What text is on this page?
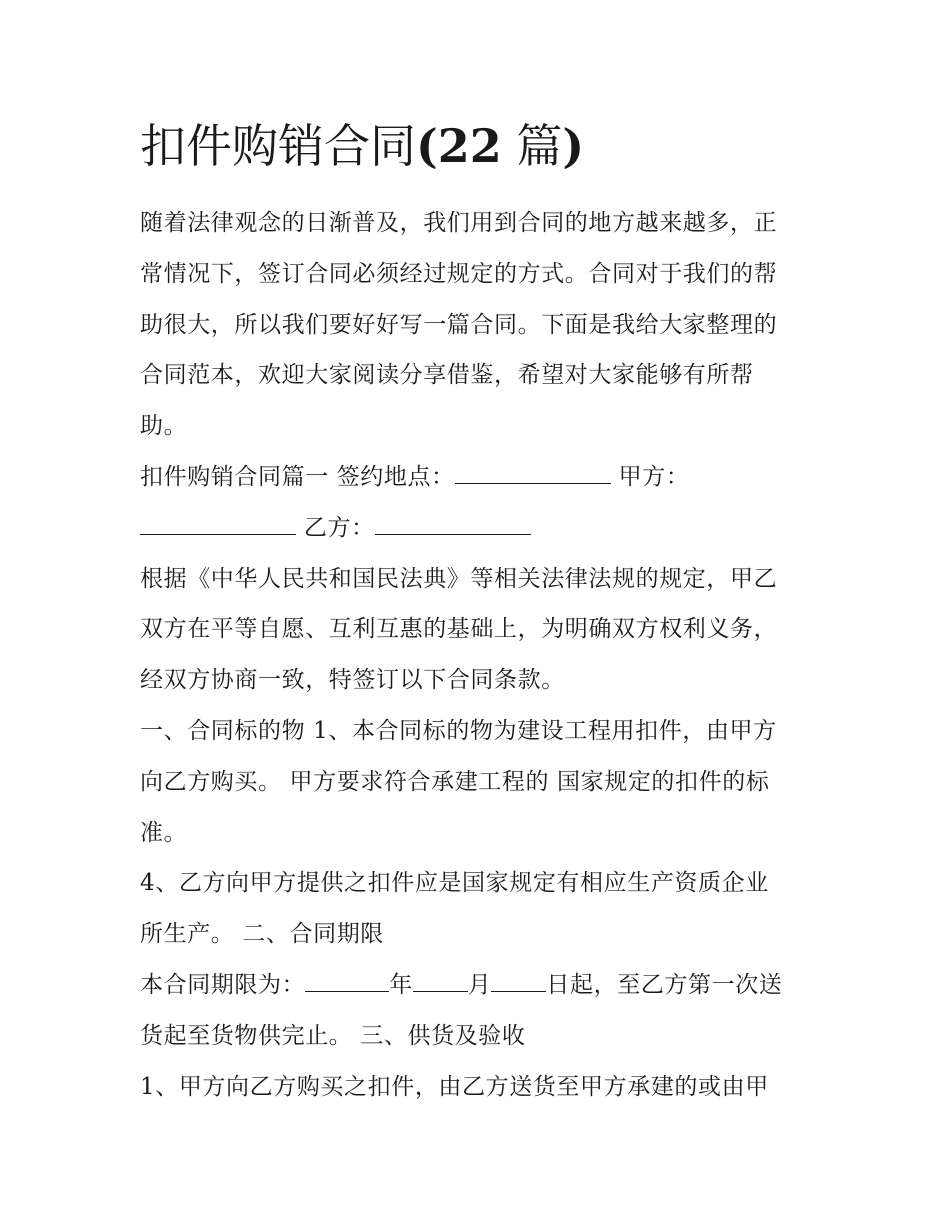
扣件购销合同(22 篇)

随着法律观念的日渐普及，我们用到合同的地方越来越多，正

常情况下，签订合同必须经过规定的方式。合同对于我们的帮

助很大，所以我们要好好写一篇合同。下面是我给大家整理的

合同范本，欢迎大家阅读分享借鉴，希望对大家能够有所帮

助。

扣件购销合同篇一 签约地点：	甲方：

乙方：

根据《中华人民共和国民法典》等相关法律法规的规定，甲乙

双方在平等自愿、互利互惠的基础上，为明确双方权利义务，

经双方协商一致，特签订以下合同条款。

一、合同标的物 1、本合同标的物为建设工程用扣件，由甲方

向乙方购买。 甲方要求符合承建工程的 国家规定的扣件的标

准。

4、乙方向甲方提供之扣件应是国家规定有相应生产资质企业

所生产。 二、合同期限

本合同期限为：	年 月 日起，至乙方第一次送

货起至货物供完止。 三、供货及验收

1、甲方向乙方购买之扣件，由乙方送货至甲方承建的或由甲
